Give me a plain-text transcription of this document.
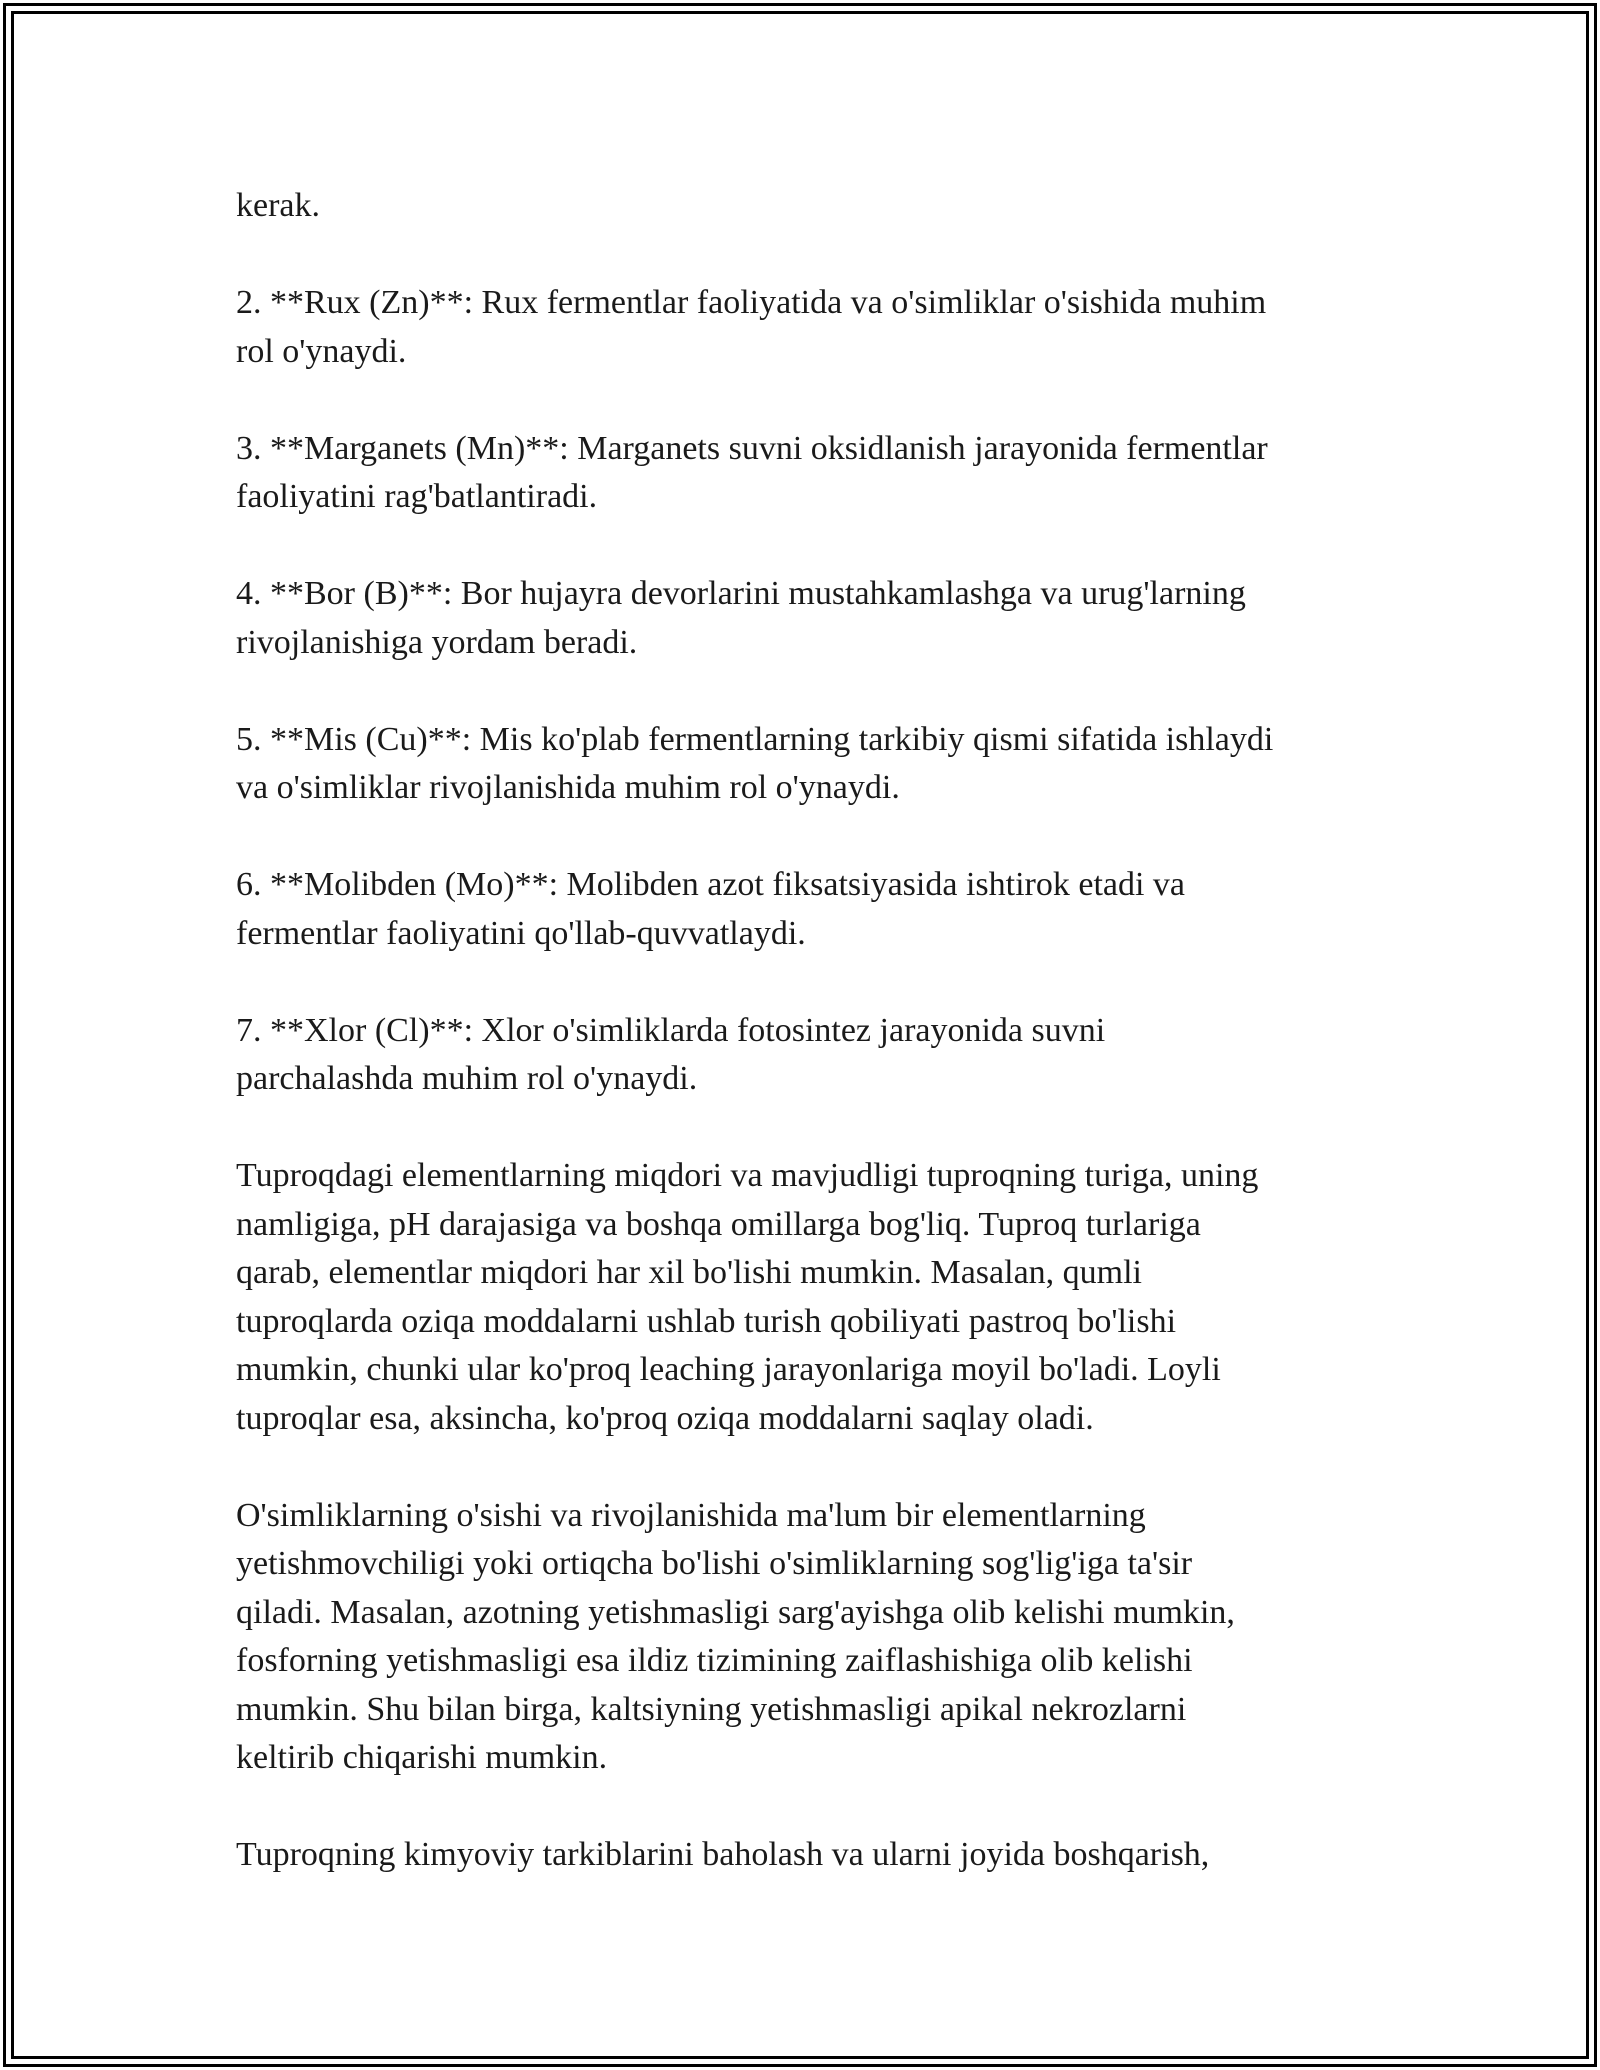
kerak.

2. **Rux (Zn)**: Rux fermentlar faoliyatida va o'simliklar o'sishida muhim
rol o'ynaydi.

3. **Marganets (Mn)**: Marganets suvni oksidlanish jarayonida fermentlar
faoliyatini rag'batlantiradi.

4. **Bor (B)**: Bor hujayra devorlarini mustahkamlashga va urug'larning
rivojlanishiga yordam beradi.

5. **Mis (Cu)**: Mis ko'plab fermentlarning tarkibiy qismi sifatida ishlaydi
va o'simliklar rivojlanishida muhim rol o'ynaydi.

6. **Molibden (Mo)**: Molibden azot fiksatsiyasida ishtirok etadi va
fermentlar faoliyatini qo'llab-quvvatlaydi.

7. **Xlor (Cl)**: Xlor o'simliklarda fotosintez jarayonida suvni
parchalashda muhim rol o'ynaydi.

Tuproqdagi elementlarning miqdori va mavjudligi tuproqning turiga, uning
namligiga, pH darajasiga va boshqa omillarga bog'liq. Tuproq turlariga
qarab, elementlar miqdori har xil bo'lishi mumkin. Masalan, qumli
tuproqlarda oziqa moddalarni ushlab turish qobiliyati pastroq bo'lishi
mumkin, chunki ular ko'proq leaching jarayonlariga moyil bo'ladi. Loyli
tuproqlar esa, aksincha, ko'proq oziqa moddalarni saqlay oladi.

O'simliklarning o'sishi va rivojlanishida ma'lum bir elementlarning
yetishmovchiligi yoki ortiqcha bo'lishi o'simliklarning sog'lig'iga ta'sir
qiladi. Masalan, azotning yetishmasligi sarg'ayishga olib kelishi mumkin,
fosforning yetishmasligi esa ildiz tizimining zaiflashishiga olib kelishi
mumkin. Shu bilan birga, kaltsiyning yetishmasligi apikal nekrozlarni
keltirib chiqarishi mumkin.

Tuproqning kimyoviy tarkiblarini baholash va ularni joyida boshqarish,
